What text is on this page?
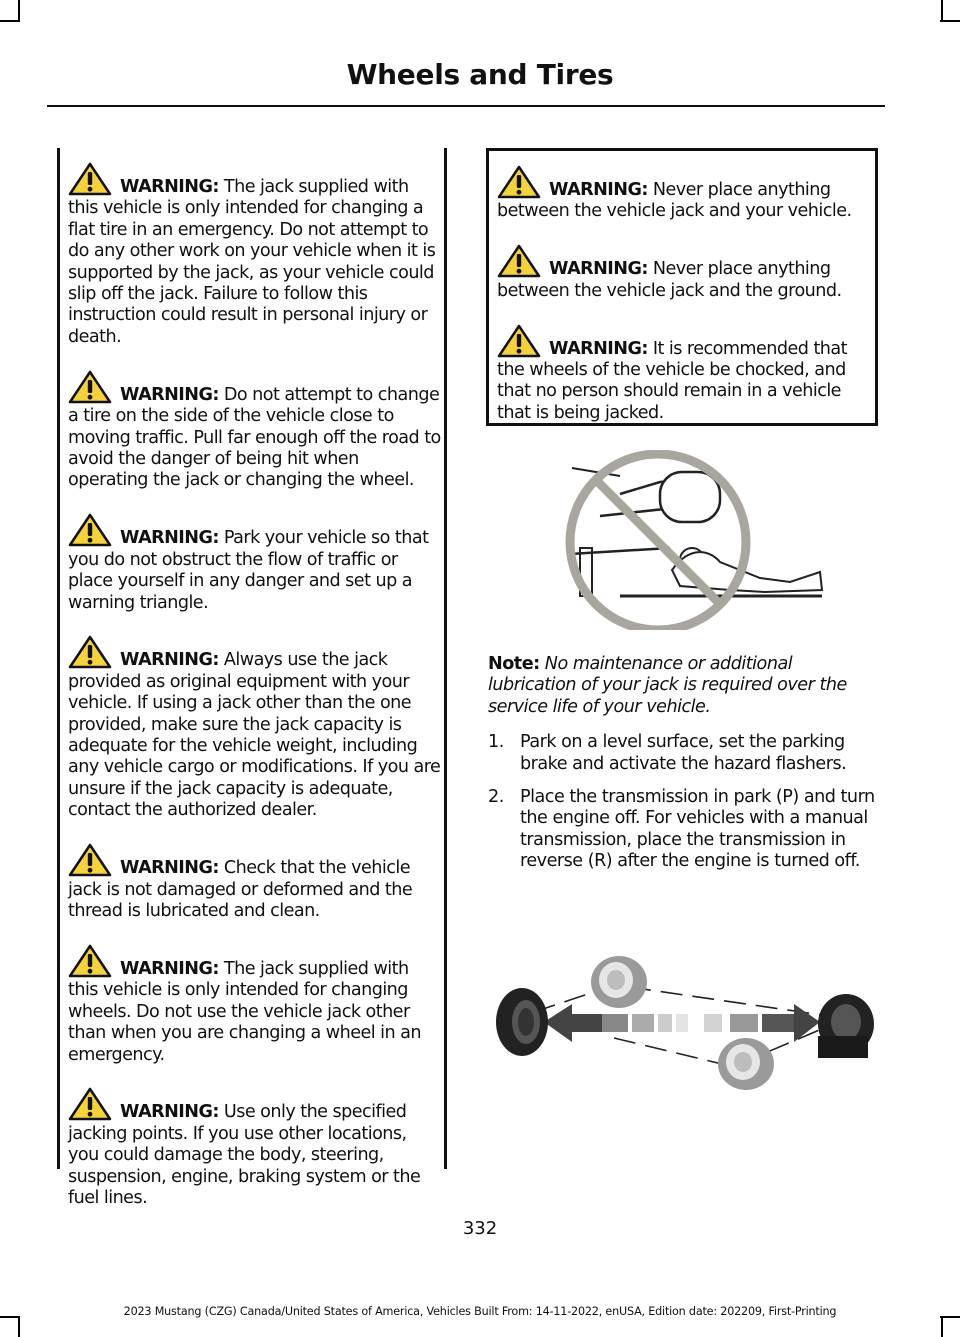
Wheels and Tires
WARNING: The jack supplied with this vehicle is only intended for changing a flat tire in an emergency. Do not attempt to do any other work on your vehicle when it is supported by the jack, as your vehicle could slip off the jack. Failure to follow this instruction could result in personal injury or death.
WARNING: Do not attempt to change a tire on the side of the vehicle close to moving traffic. Pull far enough off the road to avoid the danger of being hit when operating the jack or changing the wheel.
WARNING: Park your vehicle so that you do not obstruct the flow of traffic or place yourself in any danger and set up a warning triangle.
WARNING: Always use the jack provided as original equipment with your vehicle. If using a jack other than the one provided, make sure the jack capacity is adequate for the vehicle weight, including any vehicle cargo or modifications. If you are unsure if the jack capacity is adequate, contact the authorized dealer.
WARNING: Check that the vehicle jack is not damaged or deformed and the thread is lubricated and clean.
WARNING: The jack supplied with this vehicle is only intended for changing wheels. Do not use the vehicle jack other than when you are changing a wheel in an emergency.
WARNING: Use only the specified jacking points. If you use other locations, you could damage the body, steering, suspension, engine, braking system or the fuel lines.
WARNING: Never place anything between the vehicle jack and your vehicle.
WARNING: Never place anything between the vehicle jack and the ground.
WARNING: It is recommended that the wheels of the vehicle be chocked, and that no person should remain in a vehicle that is being jacked.
Note: No maintenance or additional lubrication of your jack is required over the service life of your vehicle.
1. Park on a level surface, set the parking brake and activate the hazard flashers.
2. Place the transmission in park (P) and turn the engine off. For vehicles with a manual transmission, place the transmission in reverse (R) after the engine is turned off.
332
2023 Mustang (CZG) Canada/United States of America, Vehicles Built From: 14-11-2022, enUSA, Edition date: 202209, First-Printing
